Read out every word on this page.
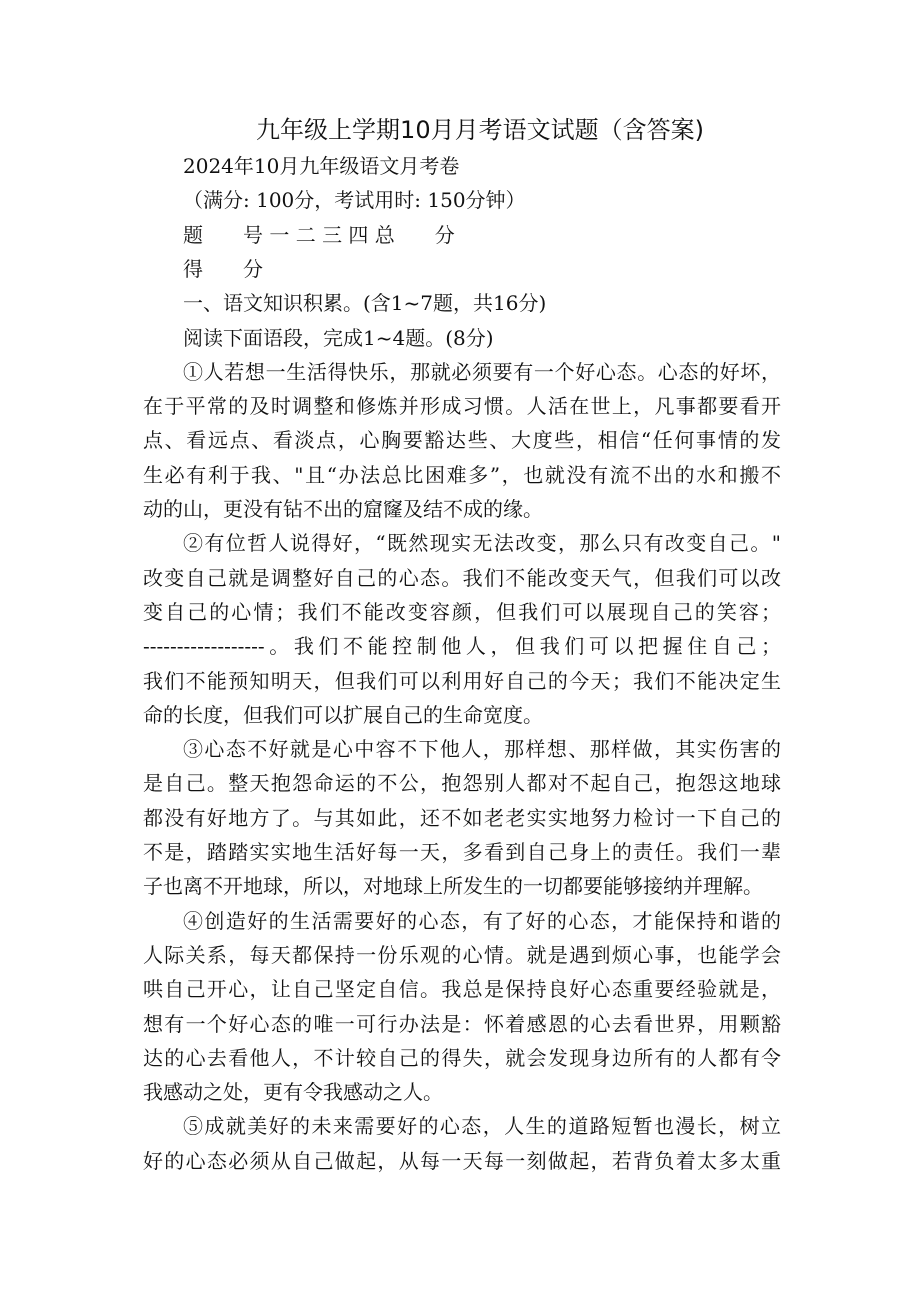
九年级上学期10月月考语文试题（含答案)
2024年10月九年级语文月考卷
（满分: 100分，考试用时: 150分钟）
题　　号 一 二 三 四 总　　分
得　　分
一、语文知识积累。(含1~7题，共16分)
阅读下面语段，完成1~4题。(8分)
①人若想一生活得快乐，那就必须要有一个好心态。心态的好坏，
在于平常的及时调整和修炼并形成习惯。人活在世上，凡事都要看开
点、看远点、看淡点，心胸要豁达些、大度些，相信“任何事情的发
生必有利于我、"且“办法总比困难多”，也就没有流不出的水和搬不
动的山，更没有钻不出的窟窿及结不成的缘。
②有位哲人说得好，“既然现实无法改变，那么只有改变自己。"
改变自己就是调整好自己的心态。我们不能改变天气，但我们可以改
变自己的心情；我们不能改变容颜，但我们可以展现自己的笑容；
------------------。我们不能控制他人，但我们可以把握住自己；
我们不能预知明天，但我们可以利用好自己的今天；我们不能决定生
命的长度，但我们可以扩展自己的生命宽度。
③心态不好就是心中容不下他人，那样想、那样做，其实伤害的
是自己。整天抱怨命运的不公，抱怨别人都对不起自己，抱怨这地球
都没有好地方了。与其如此，还不如老老实实地努力检讨一下自己的
不是，踏踏实实地生活好每一天，多看到自己身上的责任。我们一辈
子也离不开地球，所以，对地球上所发生的一切都要能够接纳并理解。
④创造好的生活需要好的心态，有了好的心态，才能保持和谐的
人际关系，每天都保持一份乐观的心情。就是遇到烦心事，也能学会
哄自己开心，让自己坚定自信。我总是保持良好心态重要经验就是，
想有一个好心态的唯一可行办法是：怀着感恩的心去看世界，用颗豁
达的心去看他人，不计较自己的得失，就会发现身边所有的人都有令
我感动之处，更有令我感动之人。
⑤成就美好的未来需要好的心态，人生的道路短暂也漫长，树立
好的心态必须从自己做起，从每一天每一刻做起，若背负着太多太重
